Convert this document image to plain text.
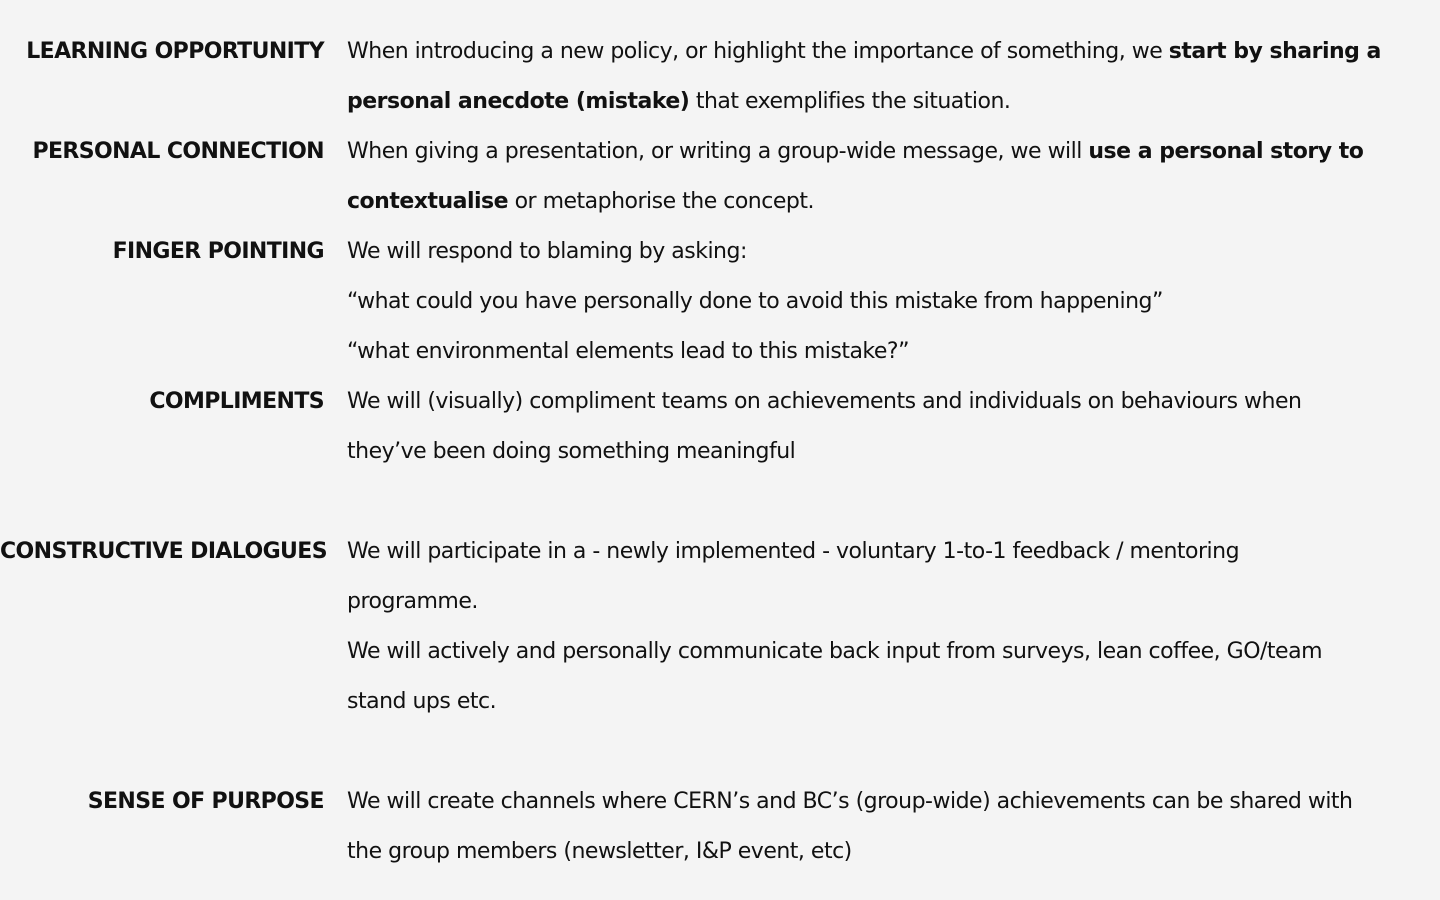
LEARNING OPPORTUNITY When introducing a new policy, or highlight the importance of something, we start by sharing a
personal anecdote (mistake) that exemplifies the situation.
PERSONAL CONNECTION When giving a presentation, or writing a group-wide message, we will use a personal story to
contextualise or metaphorise the concept.
FINGER POINTING We will respond to blaming by asking:
“what could you have personally done to avoid this mistake from happening”
“what environmental elements lead to this mistake?”
COMPLIMENTS We will (visually) compliment teams on achievements and individuals on behaviours when
they’ve been doing something meaningful
CONSTRUCTIVE DIALOGUES We will participate in a - newly implemented - voluntary 1-to-1 feedback / mentoring
programme.
We will actively and personally communicate back input from surveys, lean coffee, GO/team
stand ups etc.
SENSE OF PURPOSE We will create channels where CERN’s and BC’s (group-wide) achievements can be shared with
the group members (newsletter, I&P event, etc)
